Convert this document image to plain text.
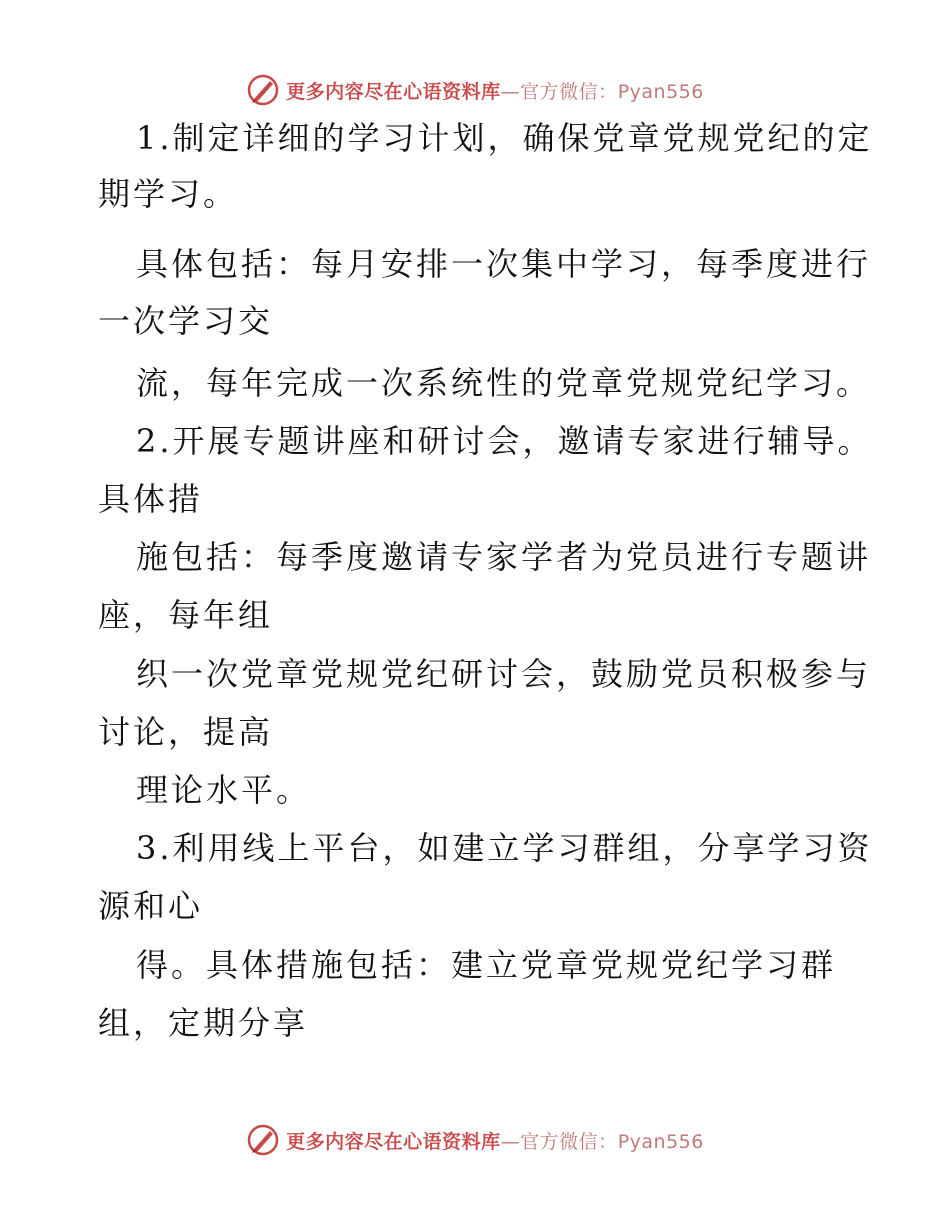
更多内容尽在心语资料库—官方微信：Pyan556
1.制定详细的学习计划，确保党章党规党纪的定
期学习。
具体包括：每月安排一次集中学习，每季度进行
一次学习交
流，每年完成一次系统性的党章党规党纪学习。
2.开展专题讲座和研讨会，邀请专家进行辅导。
具体措
施包括：每季度邀请专家学者为党员进行专题讲
座，每年组
织一次党章党规党纪研讨会，鼓励党员积极参与
讨论，提高
理论水平。
3.利用线上平台，如建立学习群组，分享学习资
源和心
得。具体措施包括：建立党章党规党纪学习群
组，定期分享
更多内容尽在心语资料库—官方微信：Pyan556
